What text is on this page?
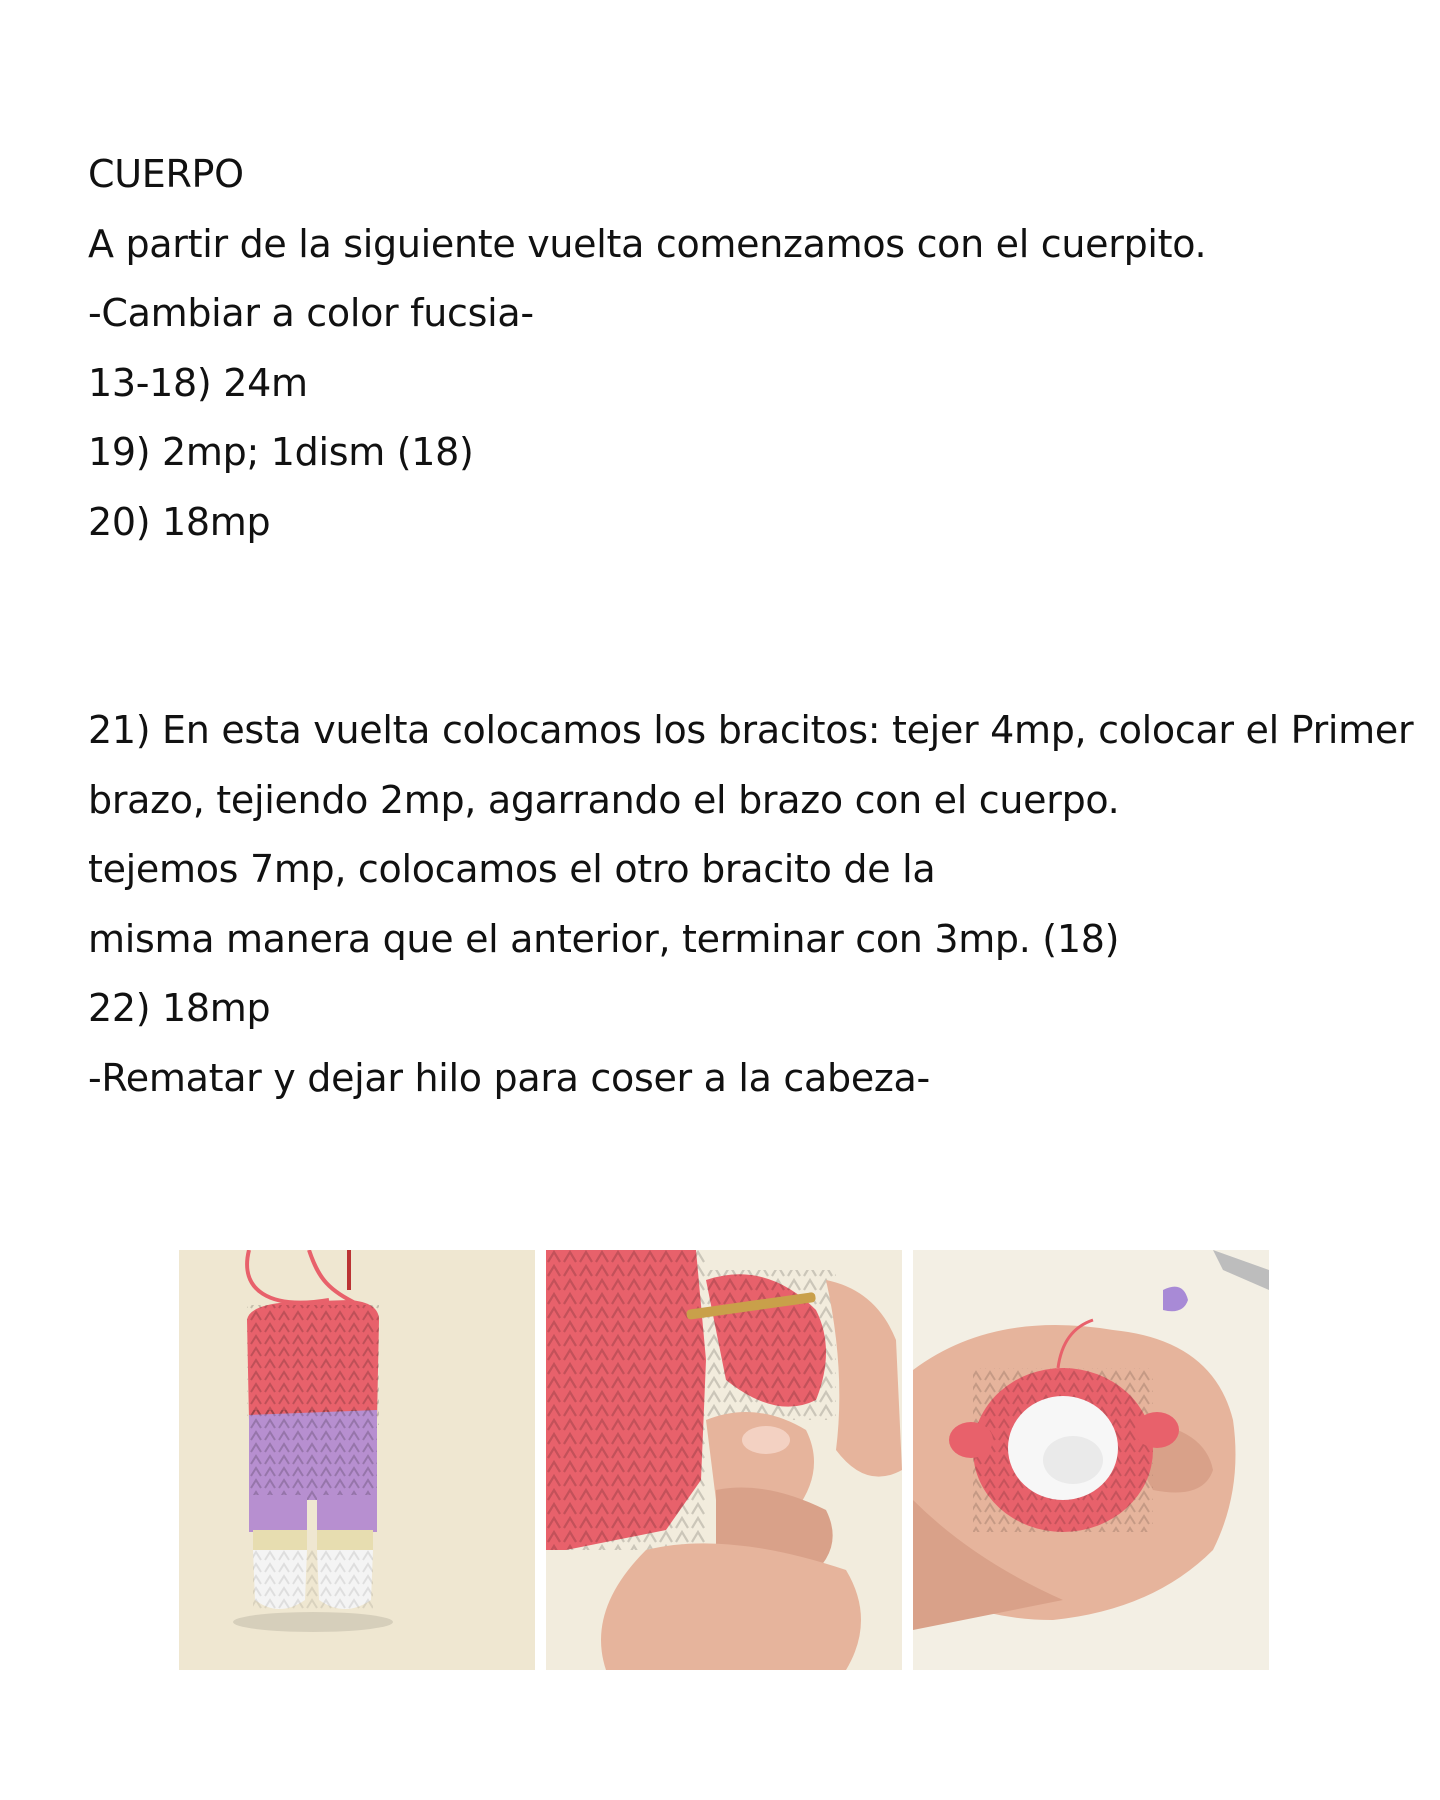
CUERPO
A partir de la siguiente vuelta comenzamos con el cuerpito.
-Cambiar a color fucsia-
13-18) 24m
19) 2mp; 1dism (18)
20) 18mp
21) En esta vuelta colocamos los bracitos: tejer 4mp, colocar el Primer
brazo, tejiendo 2mp, agarrando el brazo con el cuerpo.
tejemos 7mp, colocamos el otro bracito de la
misma manera que el anterior, terminar con 3mp. (18)
22) 18mp
-Rematar y dejar hilo para coser a la cabeza-
